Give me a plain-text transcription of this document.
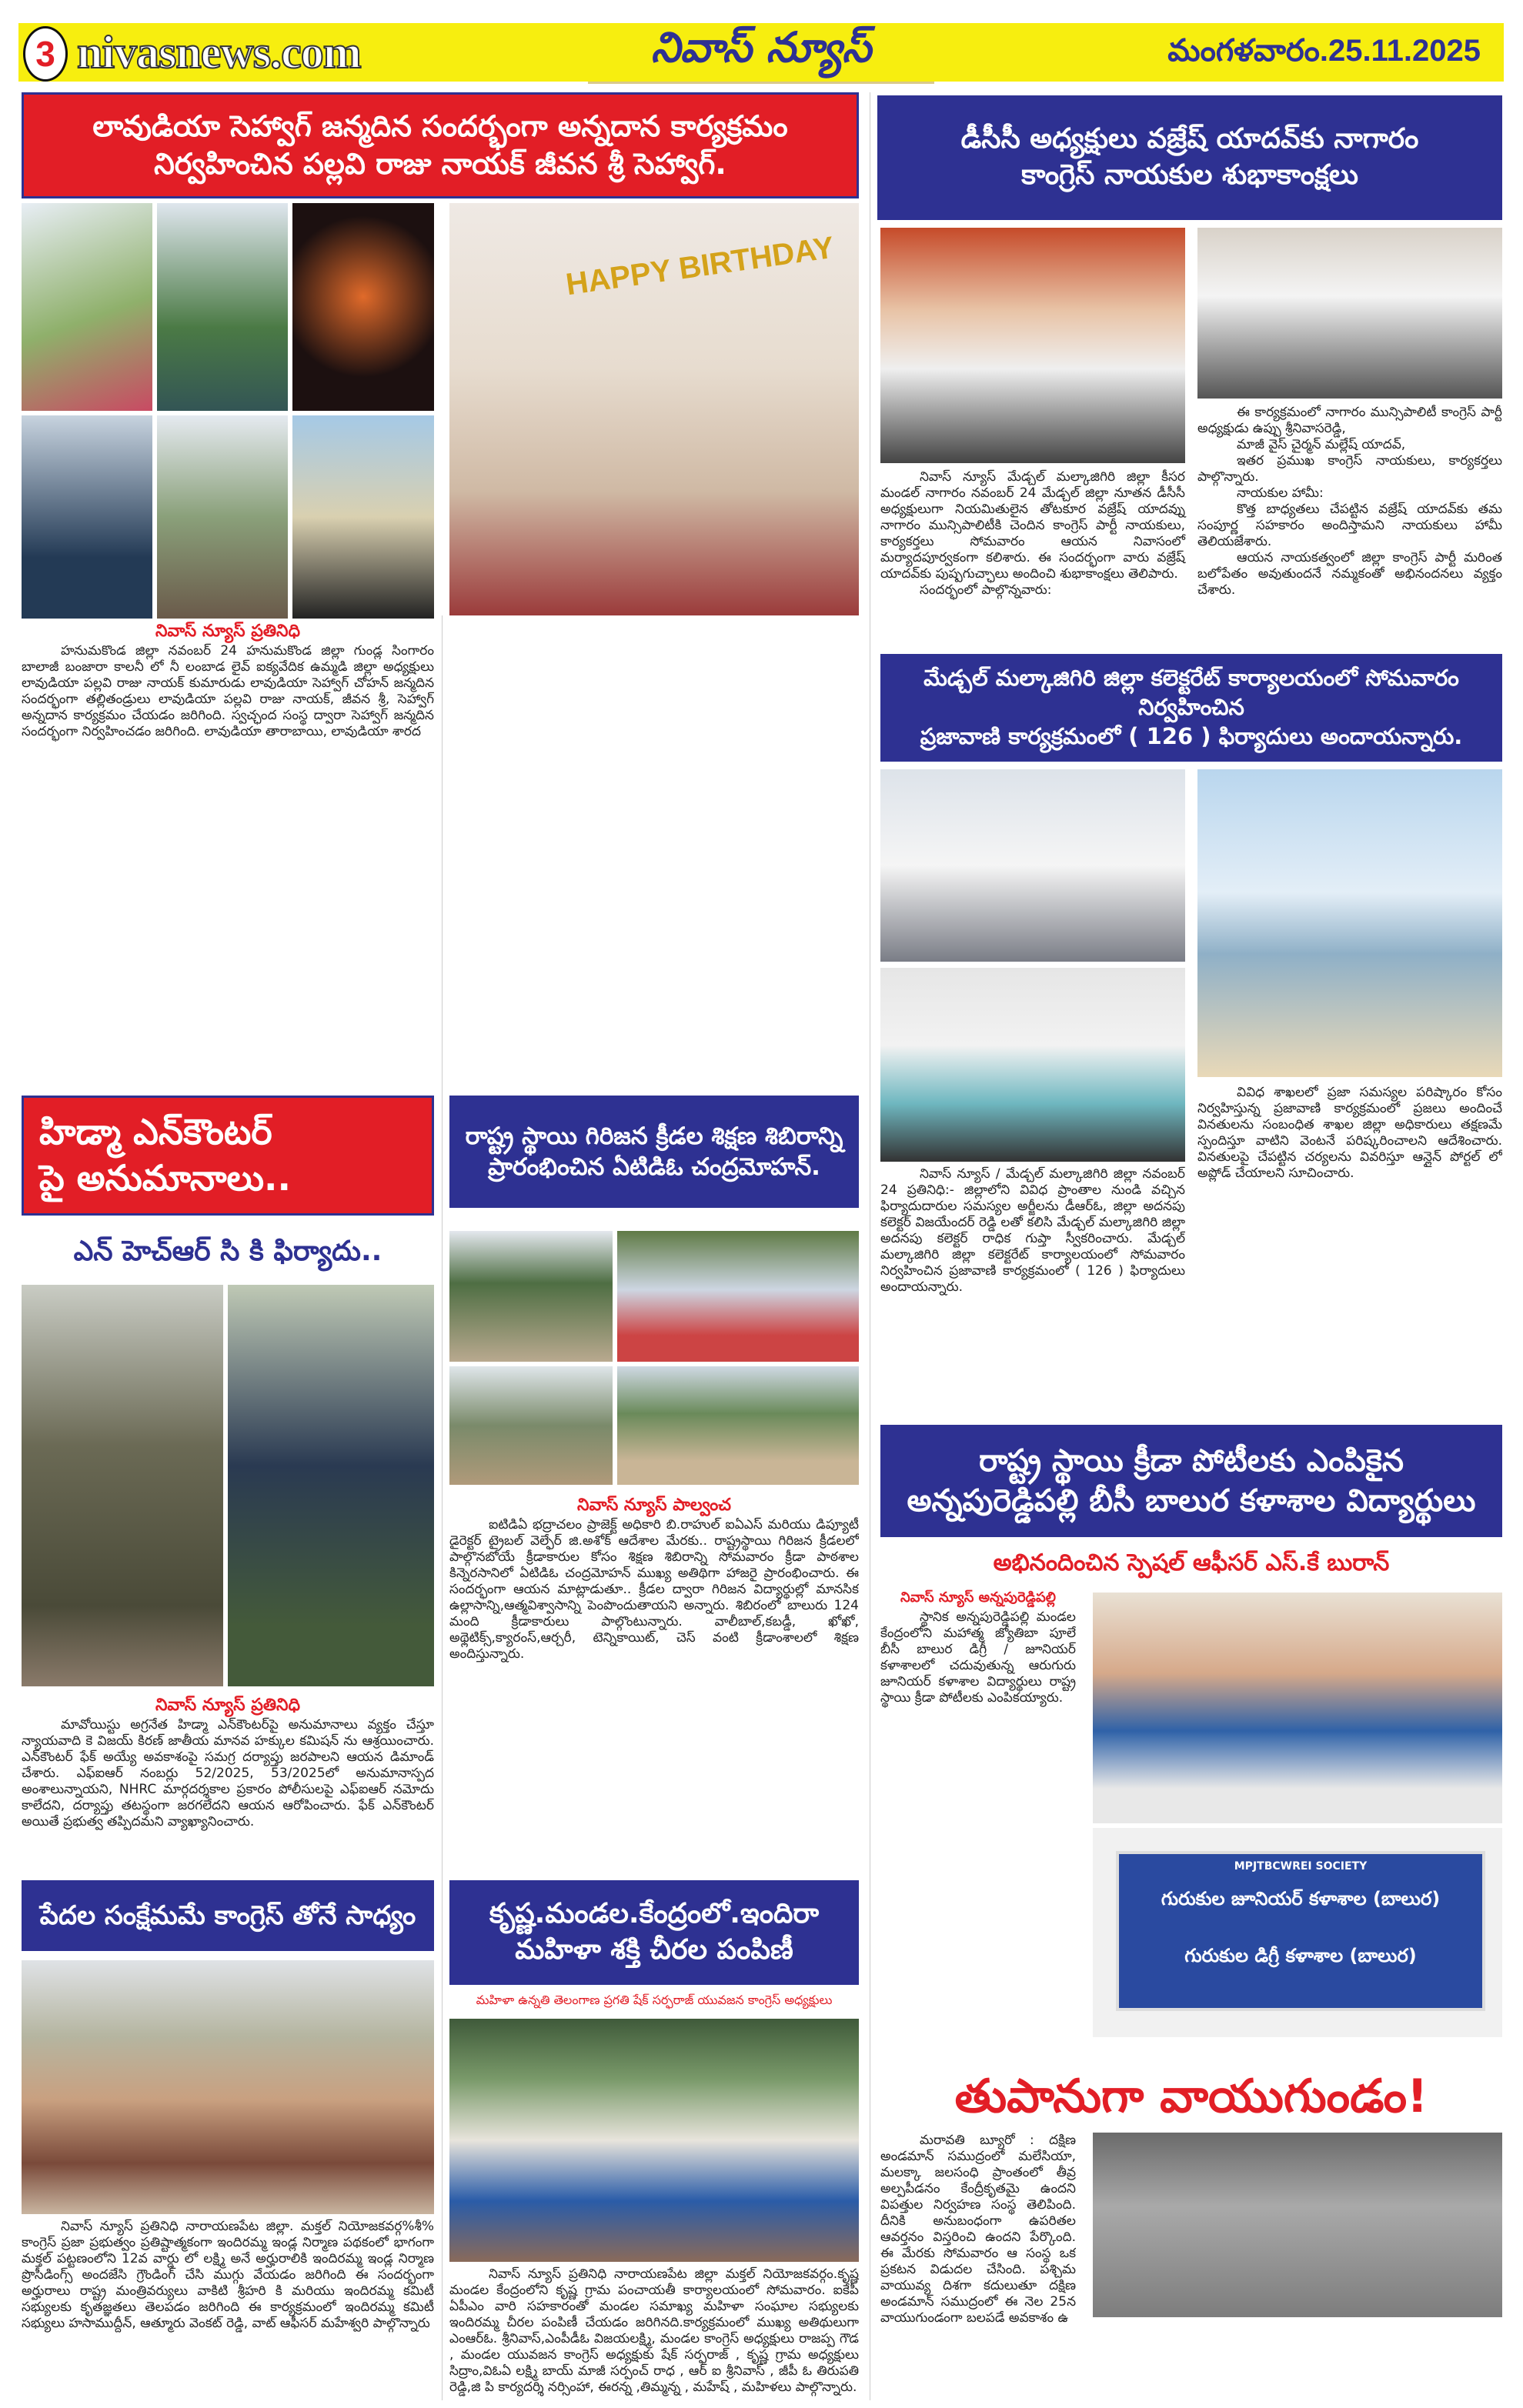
3 nivasnews.com	నివాస్ న్యూస్	మంగళవారం.25.11.2025
లావుడియా సెహ్వాగ్ జన్మదిన సందర్భంగా అన్నదాన కార్యక్రమం
నిర్వహించిన పల్లవి రాజు నాయక్ జీవన శ్రీ సెహ్వాగ్.
HAPPY BIRTHDAY
నివాస్ న్యూస్ ప్రతినిధి

హనుమకొండ జిల్లా నవంబర్ 24 హనుమకొండ జిల్లా గుండ్ల సింగారం బాలాజీ బంజారా కాలనీ లో నీ లంబాడ లైవ్ ఐక్యవేదిక ఉమ్మడి జిల్లా అధ్యక్షులు లావుడియా పల్లవి రాజు నాయక్ కుమారుడు లావుడియా సెహ్వాగ్ చోహన్ జన్మదిన సందర్భంగా తల్లితండ్రులు లావుడియా పల్లవి రాజు నాయక్, జీవన శ్రీ, సెహ్వాగ్ అన్నదాన కార్యక్రమం చేయడం జరిగింది. స్వచ్ఛంద సంస్థ ద్వారా సెహ్వాగ్ జన్మదిన సందర్భంగా నిర్వహించడం జరిగింది. లావుడియా తారాబాయి, లావుడియా శారద

డీసీసీ అధ్యక్షులు వజ్రేష్ యాదవ్‌కు నాగారం
కాంగ్రెస్ నాయకుల శుభాకాంక్షలు

నివాస్ న్యూస్ మేడ్చల్ మల్కాజిగిరి జిల్లా కీసర మండల్ నాగారం నవంబర్ 24 మేడ్చల్ జిల్లా నూతన డీసీసీ అధ్యక్షులుగా నియమితులైన తోటకూర వజ్రేష్ యాదవ్ను నాగారం మున్సిపాలిటీకి చెందిన కాంగ్రెస్ పార్టీ నాయకులు, కార్యకర్తలు సోమవారం ఆయన నివాసంలో మర్యాదపూర్వకంగా కలిశారు. ఈ సందర్భంగా వారు వజ్రేష్ యాదవ్‌కు పుష్పగుచ్ఛాలు అందించి శుభాకాంక్షలు తెలిపారు.

సందర్భంలో పాల్గొన్నవారు:

ఈ కార్యక్రమంలో నాగారం మున్సిపాలిటీ కాంగ్రెస్ పార్టీ అధ్యక్షుడు ఉప్పు శ్రీనివాసరెడ్డి,

మాజీ వైస్ చైర్మన్ మల్లేష్ యాదవ్,

ఇతర ప్రముఖ కాంగ్రెస్ నాయకులు, కార్యకర్తలు పాల్గొన్నారు.

నాయకుల హామీ:

కొత్త బాధ్యతలు చేపట్టిన వజ్రేష్ యాదవ్‌కు తమ సంపూర్ణ సహకారం అందిస్తామని నాయకులు హామీ తెలియజేశారు.

ఆయన నాయకత్వంలో జిల్లా కాంగ్రెస్ పార్టీ మరింత బలోపేతం అవుతుందనే నమ్మకంతో అభినందనలు వ్యక్తం చేశారు.

మేడ్చల్ మల్కాజిగిరి జిల్లా కలెక్టరేట్ కార్యాలయంలో సోమవారం నిర్వహించిన
ప్రజావాణి కార్యక్రమంలో ( 126 ) ఫిర్యాదులు అందాయన్నారు.

నివాస్ న్యూస్ / మేడ్చల్ మల్కాజిగిరి జిల్లా నవంబర్ 24 ప్రతినిధి:- జిల్లాలోని వివిధ ప్రాంతాల నుండి వచ్చిన ఫిర్యాదుదారుల సమస్యల అర్జీలను డీఆర్‌ఓ, జిల్లా అదనపు కలెక్టర్ విజయేందర్ రెడ్డి లతో కలిసి మేడ్చల్ మల్కాజిగిరి జిల్లా అదనపు కలెక్టర్ రాధిక గుప్తా స్వీకరించారు. మేడ్చల్ మల్కాజిగిరి జిల్లా కలెక్టరేట్ కార్యాలయంలో సోమవారం నిర్వహించిన ప్రజావాణి కార్యక్రమంలో ( 126 ) ఫిర్యాదులు అందాయన్నారు.

వివిధ శాఖలలో ప్రజా సమస్యల పరిష్కారం కోసం నిర్వహిస్తున్న ప్రజావాణి కార్యక్రమంలో ప్రజలు అందించే వినతులను సంబంధిత శాఖల జిల్లా అధికారులు తక్షణమే స్పందిస్తూ వాటిని వెంటనే పరిష్కరించాలని ఆదేశించారు. వినతులపై చేపట్టిన చర్యలను వివరిస్తూ ఆన్లైన్ పోర్టల్ లో అప్లోడ్ చేయాలని సూచించారు.

హిడ్మా ఎన్‌కౌంటర్
పై అనుమానాలు..
ఎన్ హెచ్ఆర్ సి కి ఫిర్యాదు..
నివాస్ న్యూస్ ప్రతినిధి

మావోయిస్టు అగ్రనేత హిడ్మా ఎన్‌కౌంటర్‌పై అనుమానాలు వ్యక్తం చేస్తూ న్యాయవాది కె విజయ్ కిరణ్ జాతీయ మానవ హక్కుల కమిషన్ ను ఆశ్రయించారు. ఎన్‌కౌంటర్ ఫేక్ అయ్యే అవకాశంపై సమగ్ర దర్యాప్తు జరపాలని ఆయన డిమాండ్ చేశారు. ఎఫ్ఐఆర్ నంబర్లు 52/2025, 53/2025లో అనుమానాస్పద అంశాలున్నాయని, NHRC మార్గదర్శకాల ప్రకారం పోలీసులపై ఎఫ్ఐఆర్ నమోదు కాలేదని, దర్యాప్తు తటస్థంగా జరగలేదని ఆయన ఆరోపించారు. ఫేక్ ఎన్‌కౌంటర్ అయితే ప్రభుత్వ తప్పిదమని వ్యాఖ్యానించారు.

రాష్ట్ర స్థాయి గిరిజన క్రీడల శిక్షణ శిబిరాన్ని
ప్రారంభించిన ఏటిడిఓ చంద్రమోహన్.
నివాస్ న్యూస్ పాల్వంచ

ఐటిడిఏ భద్రాచలం ప్రాజెక్ట్ అధికారి బి.రాహుల్ ఐఏఎస్ మరియు డిప్యూటీ డైరెక్టర్ ట్రైబల్ వెల్ఫేర్ జి.అశోక్ ఆదేశాల మేరకు.. రాష్ట్రస్థాయి గిరిజన క్రీడలలో పాల్గొనబోయే క్రీడాకారుల కోసం శిక్షణ శిబిరాన్ని సోమవారం క్రీడా పాఠశాల కిన్నెరసానిలో ఏటిడిఓ చంద్రమోహన్ ముఖ్య అతిథిగా హాజరై ప్రారంభించారు. ఈ సందర్భంగా ఆయన మాట్లాడుతూ.. క్రీడల ద్వారా గిరిజన విద్యార్థుల్లో మానసిక ఉల్లాసాన్ని,ఆత్మవిశ్వాసాన్ని పెంపొందుతాయని అన్నారు. శిబిరంలో బాలురు 124 మంది క్రీడాకారులు పాల్గొంటున్నారు. వాలీబాల్,కబడ్డీ, ఖోఖో, అథ్లెటిక్స్,క్యారంస్,ఆర్చరీ, టెన్నికాయిట్, చెస్ వంటి క్రీడాంశాలలో శిక్షణ అందిస్తున్నారు.

రాష్ట్ర స్థాయి క్రీడా పోటీలకు ఎంపికైన
అన్నపురెడ్డిపల్లి బీసీ బాలుర కళాశాల విద్యార్థులు
అభినందించిన స్పెషల్ ఆఫీసర్ ఎస్.కే బురాన్
నివాస్ న్యూస్ అన్నపురెడ్డిపల్లి

స్థానిక అన్నపురెడ్డిపల్లి మండల కేంద్రంలోని మహాత్మ జ్యోతిబా పూలే బీసీ బాలుర డిగ్రీ / జూనియర్ కళాశాలలో చదువుతున్న ఆరుగురు జూనియర్ కళాశాల విద్యార్థులు రాష్ట్ర స్థాయి క్రీడా పోటీలకు ఎంపికయ్యారు.

MPJTBCWREI SOCIETY
గురుకుల జూనియర్ కళాశాల (బాలుర)
గురుకుల డిగ్రీ కళాశాల (బాలుర)
తుపానుగా వాయుగుండం!

మరావతి బ్యూరో : దక్షిణ అండమాన్ సముద్రంలో మలేసియా, మలక్కా జలసంధి ప్రాంతంలో తీవ్ర అల్పపీడనం కేంద్రీకృతమై ఉందని విపత్తుల నిర్వహణ సంస్థ తెలిపింది. దీనికి అనుబంధంగా ఉపరితల ఆవర్తనం విస్తరించి ఉందని పేర్కొంది. ఈ మేరకు సోమవారం ఆ సంస్థ ఒక ప్రకటన విడుదల చేసింది. పశ్చిమ వాయువ్య దిశగా కదులుతూ దక్షిణ అండమాన్ సముద్రంలో ఈ నెల 25న వాయుగుండంగా బలపడే అవకాశం ఉ

పేదల సంక్షేమమే కాంగ్రెస్ తోనే సాధ్యం

నివాస్ న్యూస్ ప్రతినిధి నారాయణపేట జిల్లా. మక్తల్ నియోజకవర్గ%శీ% కాంగ్రెస్ ప్రజా ప్రభుత్వం ప్రతిష్టాత్మకంగా ఇందిరమ్మ ఇండ్ల నిర్మాణ పథకంలో భాగంగా మక్తల్ పట్టణంలోని 12వ వార్డు లో లక్ష్మి అనే అర్హురాలికి ఇందిరమ్మ ఇండ్ల నిర్మాణ ప్రొసీడింగ్స్ అందజేసి గ్రౌండింగ్ చేసి ముగ్గు వేయడం జరిగింది ఈ సందర్భంగా అర్హురాలు రాష్ట్ర మంత్రివర్యులు వాకిటి శ్రీహరి కి మరియు ఇందిరమ్మ కమిటీ సభ్యులకు కృతజ్ఞతలు తెలపడం జరిగింది ఈ కార్యక్రమంలో ఇందిరమ్మ కమిటీ సభ్యులు హసాముద్దీన్, ఆత్మూరు వెంకట్ రెడ్డి, వాట్ ఆఫీసర్ మహేశ్వరి పాల్గొన్నారు

కృష్ణ.మండల.కేంద్రంలో.ఇందిరా
మహిళా శక్తి చీరల పంపిణీ
మహిళా ఉన్నతి తెలంగాణ ప్రగతి షేక్ సర్ఫరాజ్ యువజన కాంగ్రెస్ అధ్యక్షులు

నివాస్ న్యూస్ ప్రతినిధి నారాయణపేట జిల్లా మక్తల్ నియోజకవర్గం.కృష్ణ మండల కేంద్రంలోని కృష్ణ గ్రామ పంచాయతీ కార్యాలయంలో సోమవారం. ఐకేపీ ఏపీఎం వారి సహకారంతో మండల సమాఖ్య మహిళా సంఘాల సభ్యులకు ఇందిరమ్మ చీరల పంపిణీ చేయడం జరిగినది.కార్యక్రమంలో ముఖ్య అతిథులుగా ఎంఆర్ఓ. శ్రీనివాస్,ఎంపీడీఓ విజయలక్ష్మి, మండల కాంగ్రెస్ అధ్యక్షులు రాజప్ప గౌడ , మండల యువజన కాంగ్రెస్ అధ్యక్షుకు షేక్ సర్ఫరాజ్ , కృష్ణ గ్రామ అధ్యక్షులు సిద్రాం,విఓఏ లక్ష్మి బాయ్ మాజీ సర్పంచ్ రాధ , ఆర్ ఐ శ్రీనివాస్ , జీపీ ఓ తిరుపతి రెడ్డి,జి పి కార్యదర్శి నర్సింహా, ఈరన్న ,తిమ్మన్న , మహేష్ , మహిళలు పాల్గొన్నారు.
